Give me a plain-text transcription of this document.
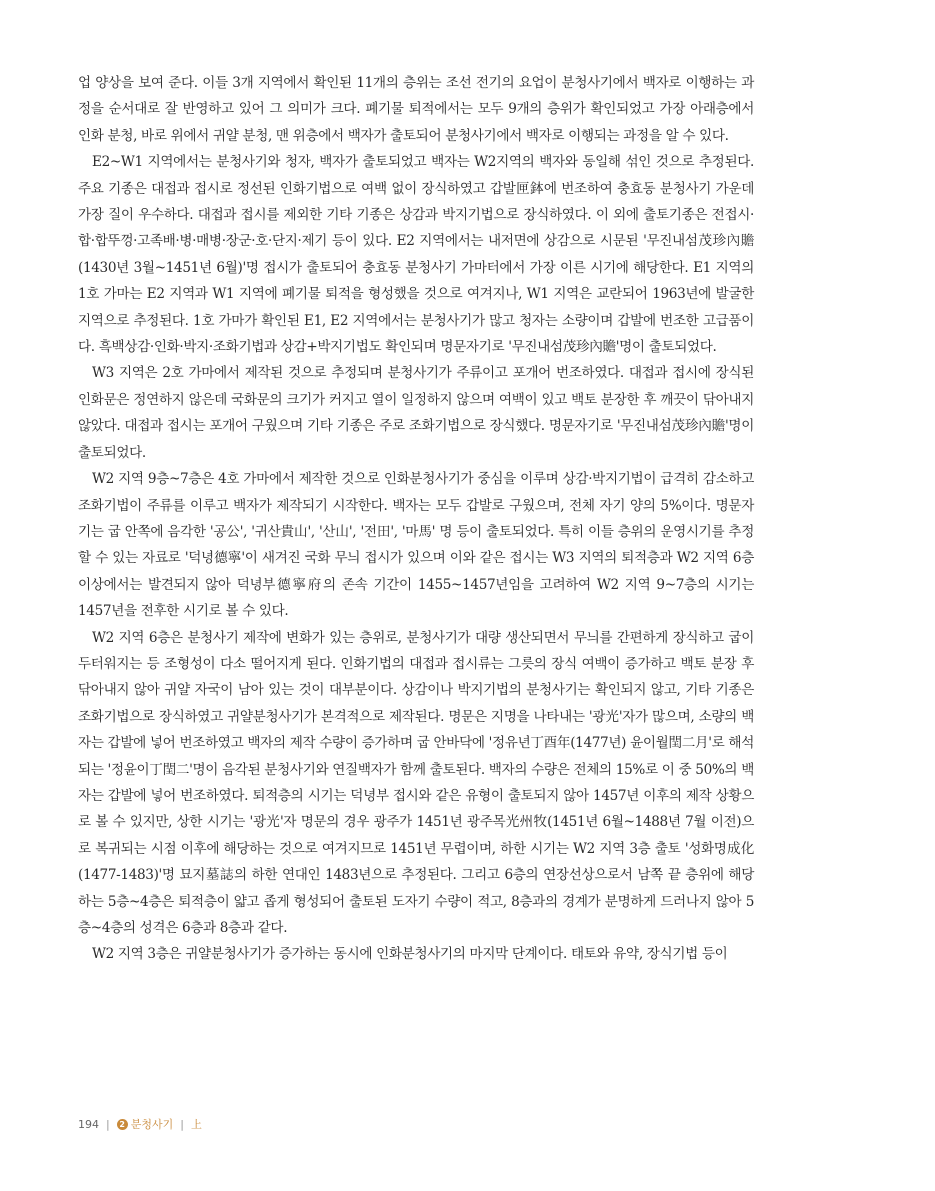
업 양상을 보여 준다. 이들 3개 지역에서 확인된 11개의 층위는 조선 전기의 요업이 분청사기에서 백자로 이행하는 과정을 순서대로 잘 반영하고 있어 그 의미가 크다. 폐기물 퇴적에서는 모두 9개의 층위가 확인되었고 가장 아래층에서 인화 분청, 바로 위에서 귀얄 분청, 맨 위층에서 백자가 출토되어 분청사기에서 백자로 이행되는 과정을 알 수 있다.

E2~W1 지역에서는 분청사기와 청자, 백자가 출토되었고 백자는 W2지역의 백자와 동일해 섞인 것으로 추정된다. 주요 기종은 대접과 접시로 정선된 인화기법으로 여백 없이 장식하였고 갑발匣鉢에 번조하여 충효동 분청사기 가운데 가장 질이 우수하다. 대접과 접시를 제외한 기타 기종은 상감과 박지기법으로 장식하였다. 이 외에 출토기종은 전접시·합·합뚜껑·고족배·병·매병·장군·호·단지·제기 등이 있다. E2 지역에서는 내저면에 상감으로 시문된 '무진내섬茂珍內贍(1430년 3월~1451년 6월)'명 접시가 출토되어 충효동 분청사기 가마터에서 가장 이른 시기에 해당한다. E1 지역의 1호 가마는 E2 지역과 W1 지역에 폐기물 퇴적을 형성했을 것으로 여겨지나, W1 지역은 교란되어 1963년에 발굴한 지역으로 추정된다. 1호 가마가 확인된 E1, E2 지역에서는 분청사기가 많고 청자는 소량이며 갑발에 번조한 고급품이다. 흑백상감·인화·박지·조화기법과 상감+박지기법도 확인되며 명문자기로 '무진내섬茂珍內贍'명이 출토되었다.

W3 지역은 2호 가마에서 제작된 것으로 추정되며 분청사기가 주류이고 포개어 번조하였다. 대접과 접시에 장식된 인화문은 정연하지 않은데 국화문의 크기가 커지고 열이 일정하지 않으며 여백이 있고 백토 분장한 후 깨끗이 닦아내지 않았다. 대접과 접시는 포개어 구웠으며 기타 기종은 주로 조화기법으로 장식했다. 명문자기로 '무진내섬茂珍內贍'명이 출토되었다.

W2 지역 9층~7층은 4호 가마에서 제작한 것으로 인화분청사기가 중심을 이루며 상감·박지기법이 급격히 감소하고 조화기법이 주류를 이루고 백자가 제작되기 시작한다. 백자는 모두 갑발로 구웠으며, 전체 자기 양의 5%이다. 명문자기는 굽 안쪽에 음각한 '공公', '귀산貴山', '산山', '전田', '마馬' 명 등이 출토되었다. 특히 이들 층위의 운영시기를 추정할 수 있는 자료로 '덕녕德寧'이 새겨진 국화 무늬 접시가 있으며 이와 같은 접시는 W3 지역의 퇴적층과 W2 지역 6층 이상에서는 발견되지 않아 덕녕부德寧府의 존속 기간이 1455~1457년임을 고려하여 W2 지역 9~7층의 시기는 1457년을 전후한 시기로 볼 수 있다.

W2 지역 6층은 분청사기 제작에 변화가 있는 층위로, 분청사기가 대량 생산되면서 무늬를 간편하게 장식하고 굽이 두터워지는 등 조형성이 다소 떨어지게 된다. 인화기법의 대접과 접시류는 그릇의 장식 여백이 증가하고 백토 분장 후 닦아내지 않아 귀얄 자국이 남아 있는 것이 대부분이다. 상감이나 박지기법의 분청사기는 확인되지 않고, 기타 기종은 조화기법으로 장식하였고 귀얄분청사기가 본격적으로 제작된다. 명문은 지명을 나타내는 '광光'자가 많으며, 소량의 백자는 갑발에 넣어 번조하였고 백자의 제작 수량이 증가하며 굽 안바닥에 '정유년丁酉年(1477년) 윤이월閏二月'로 해석되는 '정윤이丁閏二'명이 음각된 분청사기와 연질백자가 함께 출토된다. 백자의 수량은 전체의 15%로 이 중 50%의 백자는 갑발에 넣어 번조하였다. 퇴적층의 시기는 덕녕부 접시와 같은 유형이 출토되지 않아 1457년 이후의 제작 상황으로 볼 수 있지만, 상한 시기는 '광光'자 명문의 경우 광주가 1451년 광주목光州牧(1451년 6월~1488년 7월 이전)으로 복귀되는 시점 이후에 해당하는 것으로 여겨지므로 1451년 무렵이며, 하한 시기는 W2 지역 3층 출토 '성화명成化(1477-1483)'명 묘지墓誌의 하한 연대인 1483년으로 추정된다. 그리고 6층의 연장선상으로서 남쪽 끝 층위에 해당하는 5층~4층은 퇴적층이 얇고 좁게 형성되어 출토된 도자기 수량이 적고, 8층과의 경계가 분명하게 드러나지 않아 5층~4층의 성격은 6층과 8층과 같다.

W2 지역 3층은 귀얄분청사기가 증가하는 동시에 인화분청사기의 마지막 단계이다. 태토와 유약, 장식기법 등이

194 |	2 분청사기 | 上
